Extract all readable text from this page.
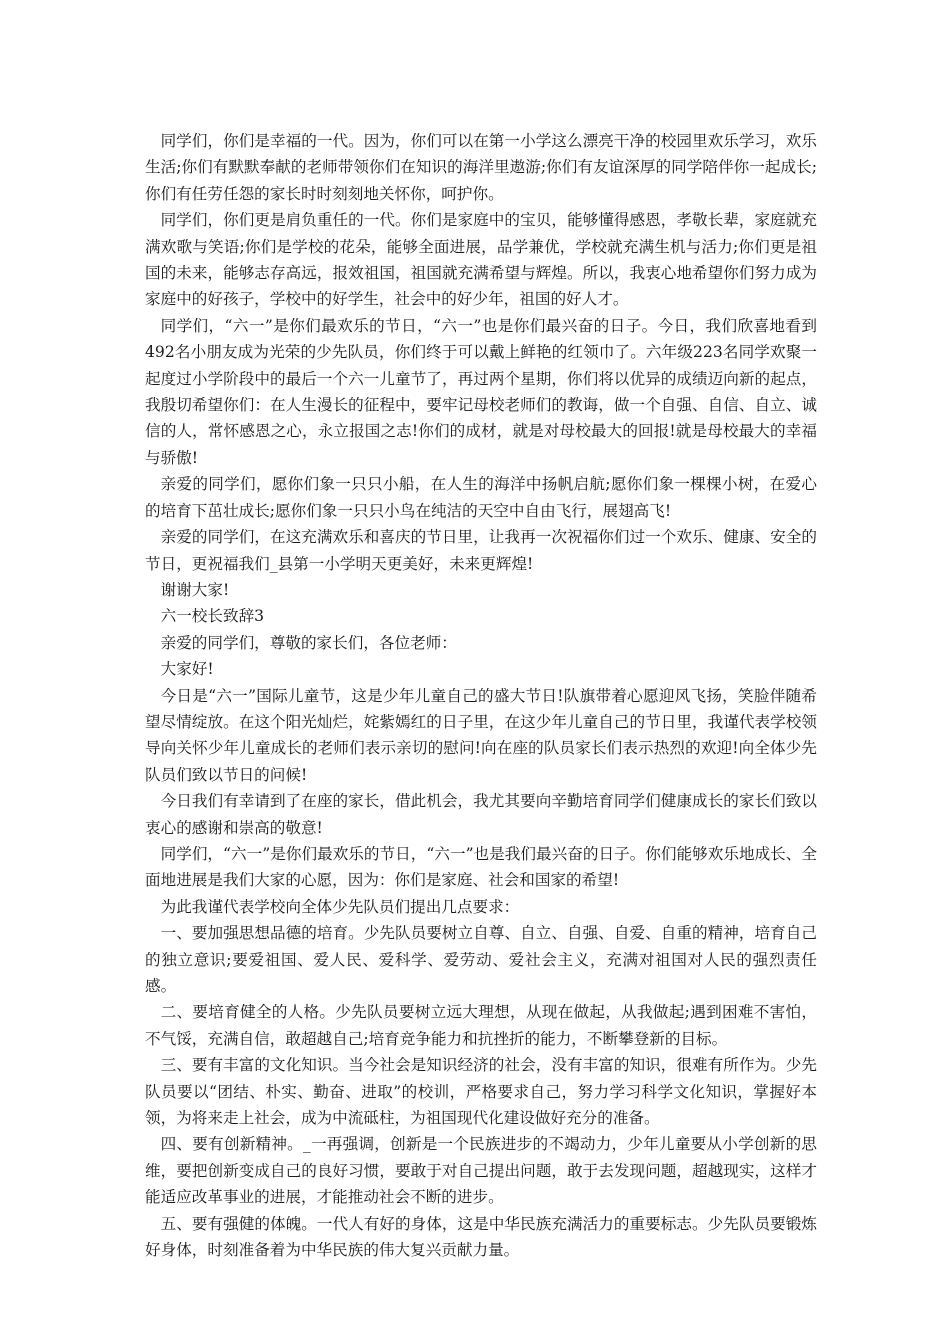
同学们，你们是幸福的一代。因为，你们可以在第一小学这么漂亮干净的校园里欢乐学习，欢乐生活;你们有默默奉献的老师带领你们在知识的海洋里遨游;你们有友谊深厚的同学陪伴你一起成长;你们有任劳任怨的家长时时刻刻地关怀你，呵护你。

同学们，你们更是肩负重任的一代。你们是家庭中的宝贝，能够懂得感恩，孝敬长辈，家庭就充满欢歌与笑语;你们是学校的花朵，能够全面进展，品学兼优，学校就充满生机与活力;你们更是祖国的未来，能够志存高远，报效祖国，祖国就充满希望与辉煌。所以，我衷心地希望你们努力成为家庭中的好孩子，学校中的好学生，社会中的好少年，祖国的好人才。

同学们，“六一”是你们最欢乐的节日，“六一”也是你们最兴奋的日子。今日，我们欣喜地看到492名小朋友成为光荣的少先队员，你们终于可以戴上鲜艳的红领巾了。六年级223名同学欢聚一起度过小学阶段中的最后一个六一儿童节了，再过两个星期，你们将以优异的成绩迈向新的起点，我殷切希望你们：在人生漫长的征程中，要牢记母校老师们的教诲，做一个自强、自信、自立、诚信的人，常怀感恩之心，永立报国之志!你们的成材，就是对母校最大的回报!就是母校最大的幸福与骄傲!

亲爱的同学们，愿你们象一只只小船，在人生的海洋中扬帆启航;愿你们象一棵棵小树，在爱心的培育下茁壮成长;愿你们象一只只小鸟在纯洁的天空中自由飞行，展翅高飞!

亲爱的同学们，在这充满欢乐和喜庆的节日里，让我再一次祝福你们过一个欢乐、健康、安全的节日，更祝福我们_县第一小学明天更美好，未来更辉煌!

谢谢大家!

六一校长致辞3

亲爱的同学们，尊敬的家长们，各位老师：

大家好!

今日是“六一”国际儿童节，这是少年儿童自己的盛大节日!队旗带着心愿迎风飞扬，笑脸伴随希望尽情绽放。在这个阳光灿烂，姹紫嫣红的日子里，在这少年儿童自己的节日里，我谨代表学校领导向关怀少年儿童成长的老师们表示亲切的慰问!向在座的队员家长们表示热烈的欢迎!向全体少先队员们致以节日的问候!

今日我们有幸请到了在座的家长，借此机会，我尤其要向辛勤培育同学们健康成长的家长们致以衷心的感谢和崇高的敬意!

同学们，“六一”是你们最欢乐的节日，“六一”也是我们最兴奋的日子。你们能够欢乐地成长、全面地进展是我们大家的心愿，因为：你们是家庭、社会和国家的希望!

为此我谨代表学校向全体少先队员们提出几点要求：

一、要加强思想品德的培育。少先队员要树立自尊、自立、自强、自爱、自重的精神，培育自己的独立意识;要爱祖国、爱人民、爱科学、爱劳动、爱社会主义，充满对祖国对人民的强烈责任感。

二、要培育健全的人格。少先队员要树立远大理想，从现在做起，从我做起;遇到困难不害怕，不气馁，充满自信，敢超越自己;培育竞争能力和抗挫折的能力，不断攀登新的目标。

三、要有丰富的文化知识。当今社会是知识经济的社会，没有丰富的知识，很难有所作为。少先队员要以“团结、朴实、勤奋、进取”的校训，严格要求自己，努力学习科学文化知识，掌握好本领，为将来走上社会，成为中流砥柱，为祖国现代化建设做好充分的准备。

四、要有创新精神。_一再强调，创新是一个民族进步的不竭动力，少年儿童要从小学创新的思维，要把创新变成自己的良好习惯，要敢于对自己提出问题，敢于去发现问题，超越现实，这样才能适应改革事业的进展，才能推动社会不断的进步。

五、要有强健的体魄。一代人有好的身体，这是中华民族充满活力的重要标志。少先队员要锻炼好身体，时刻准备着为中华民族的伟大复兴贡献力量。
